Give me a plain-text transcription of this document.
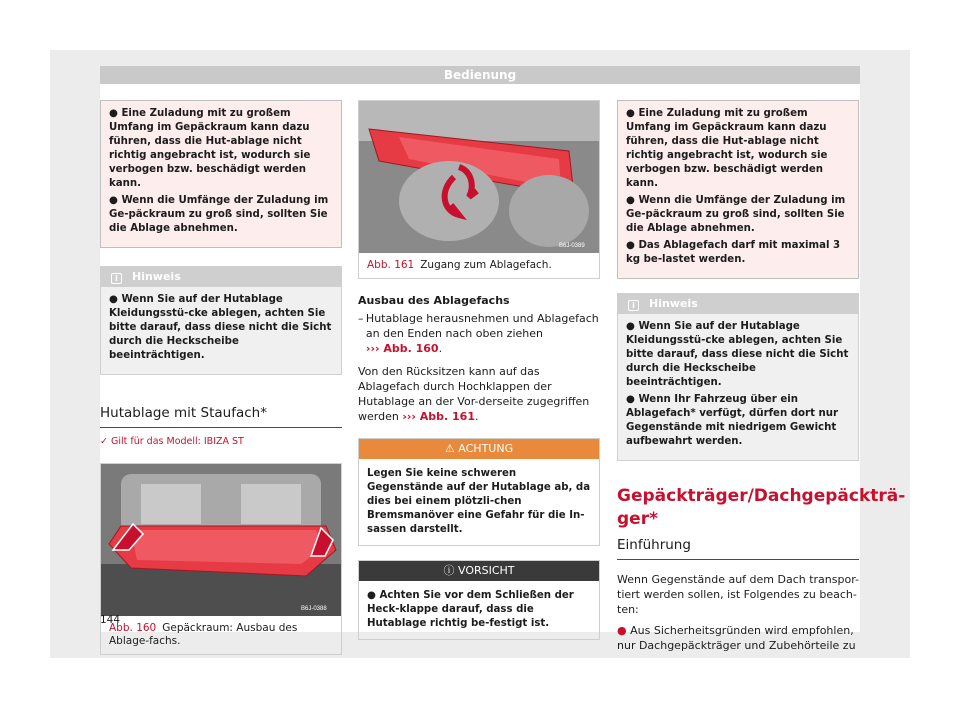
Bedienung

● Eine Zuladung mit zu großem Umfang im Gepäckraum kann dazu führen, dass die Hut-ablage nicht richtig angebracht ist, wodurch sie verbogen bzw. beschädigt werden kann.

● Wenn die Umfänge der Zuladung im Ge-päckraum zu groß sind, sollten Sie die Ablage abnehmen.

i Hinweis

● Wenn Sie auf der Hutablage Kleidungsstü-cke ablegen, achten Sie bitte darauf, dass diese nicht die Sicht durch die Heckscheibe beeinträchtigen.

Hutablage mit Staufach*
✓ Gilt für das Modell: IBIZA ST
B6J-0388
Abb. 160 Gepäckraum: Ausbau des Ablage-fachs.
B6J-0389
Abb. 161 Zugang zum Ablagefach.
Ausbau des Ablagefachs
– Hutablage herausnehmen und Ablagefach an den Enden nach oben ziehen
››› Abb. 160.
Von den Rücksitzen kann auf das Ablagefach durch Hochklappen der Hutablage an der Vor-derseite zugegriffen werden ››› Abb. 161.
⚠ ACHTUNG
Legen Sie keine schweren Gegenstände auf der Hutablage ab, da dies bei einem plötzli-chen Bremsmanöver eine Gefahr für die In-sassen darstellt.
ⓘ VORSICHT
● Achten Sie vor dem Schließen der Heck-klappe darauf, dass die Hutablage richtig be-festigt ist.

● Eine Zuladung mit zu großem Umfang im Gepäckraum kann dazu führen, dass die Hut-ablage nicht richtig angebracht ist, wodurch sie verbogen bzw. beschädigt werden kann.

● Wenn die Umfänge der Zuladung im Ge-päckraum zu groß sind, sollten Sie die Ablage abnehmen.

● Das Ablagefach darf mit maximal 3 kg be-lastet werden.

i Hinweis

● Wenn Sie auf der Hutablage Kleidungsstü-cke ablegen, achten Sie bitte darauf, dass diese nicht die Sicht durch die Heckscheibe beeinträchtigen.

● Wenn Ihr Fahrzeug über ein Ablagefach* verfügt, dürfen dort nur Gegenstände mit niedrigem Gewicht aufbewahrt werden.

Gepäckträger/Dachgepäckträ-ger*
Einführung
Wenn Gegenstände auf dem Dach transpor-tiert werden sollen, ist Folgendes zu beach-ten:
● Aus Sicherheitsgründen wird empfohlen, nur Dachgepäckträger und Zubehörteile zu
144
